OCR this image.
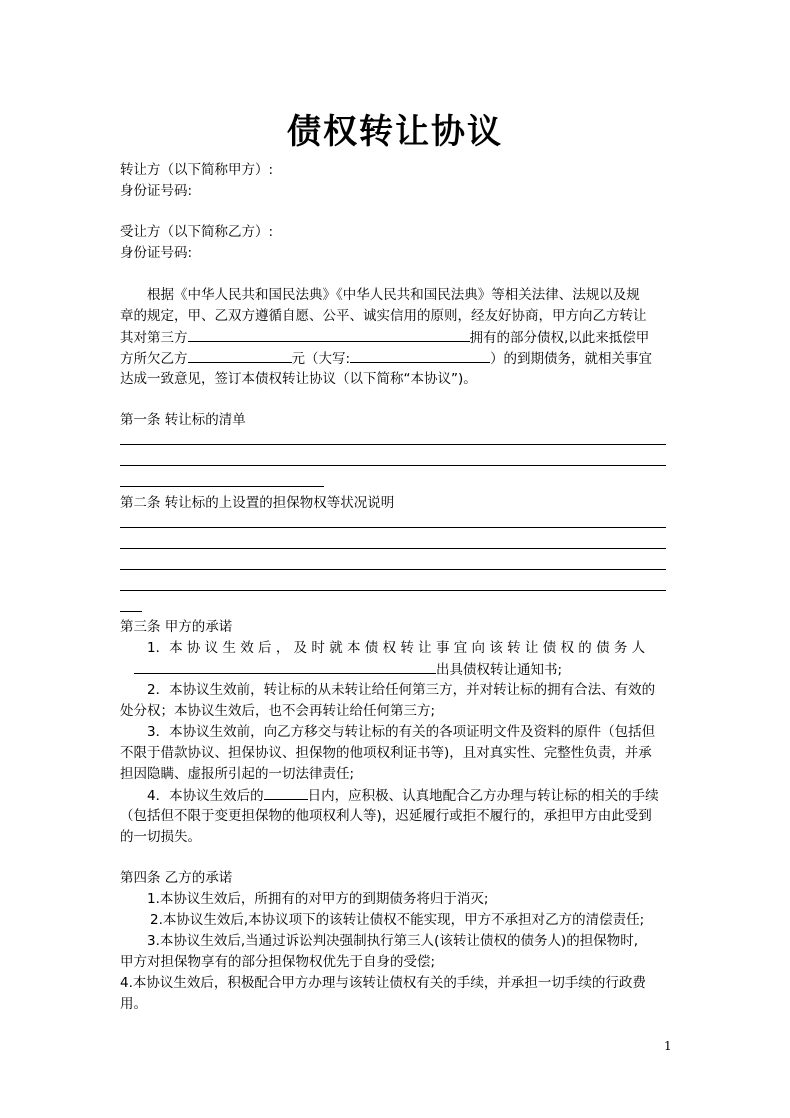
债权转让协议
转让方（以下简称甲方）:
身份证号码:
受让方（以下简称乙方）:
身份证号码:
根据《中华人民共和国民法典》《中华人民共和国民法典》等相关法律、法规以及规
章的规定，甲、乙双方遵循自愿、公平、诚实信用的原则，经友好协商，甲方向乙方转让
其对第三方	拥有的部分债权,以此来抵偿甲
方所欠乙方	元（大写:	）的到期债务，就相关事宜
达成一致意见，签订本债权转让协议（以下简称“本协议”)。
第一条 转让标的清单
第二条 转让标的上设置的担保物权等状况说明
第三条 甲方的承诺
1．本 协 议 生 效 后 ， 及 时 就 本 债 权 转 让 事 宜 向 该 转 让 债 权 的 债 务 人
出具债权转让通知书;
2．本协议生效前，转让标的从未转让给任何第三方，并对转让标的拥有合法、有效的
处分权；本协议生效后，也不会再转让给任何第三方;
3．本协议生效前，向乙方移交与转让标的有关的各项证明文件及资料的原件（包括但
不限于借款协议、担保协议、担保物的他项权利证书等)，且对真实性、完整性负责，并承
担因隐瞒、虚报所引起的一切法律责任;
4．本协议生效后的	日内，应积极、认真地配合乙方办理与转让标的相关的手续
（包括但不限于变更担保物的他项权利人等)，迟延履行或拒不履行的，承担甲方由此受到
的一切损失。
第四条 乙方的承诺
1.本协议生效后，所拥有的对甲方的到期债务将归于消灭;
2.本协议生效后,本协议项下的该转让债权不能实现，甲方不承担对乙方的清偿责任;
3.本协议生效后,当通过诉讼判决强制执行第三人(该转让债权的债务人)的担保物时,
甲方对担保物享有的部分担保物权优先于自身的受偿;
4.本协议生效后，积极配合甲方办理与该转让债权有关的手续，并承担一切手续的行政费
用。
1
